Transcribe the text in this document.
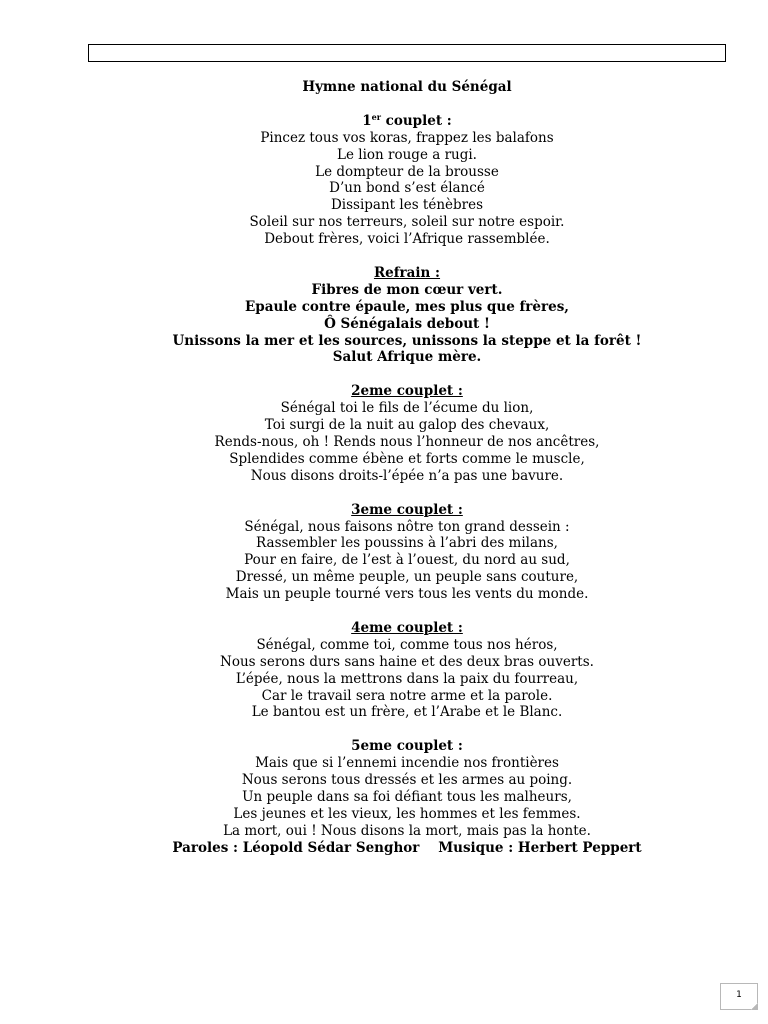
Hymne national du Sénégal
1er couplet :
Pincez tous vos koras, frappez les balafons
Le lion rouge a rugi.
Le dompteur de la brousse
D’un bond s’est élancé
Dissipant les ténèbres
Soleil sur nos terreurs, soleil sur notre espoir.
Debout frères, voici l’Afrique rassemblée.
Refrain :
Fibres de mon cœur vert.
Epaule contre épaule, mes plus que frères,
Ô Sénégalais debout !
Unissons la mer et les sources, unissons la steppe et la forêt !
Salut Afrique mère.
2eme couplet :
Sénégal toi le fils de l’écume du lion,
Toi surgi de la nuit au galop des chevaux,
Rends-nous, oh ! Rends nous l’honneur de nos ancêtres,
Splendides comme ébène et forts comme le muscle,
Nous disons droits-l’épée n’a pas une bavure.
3eme couplet :
Sénégal, nous faisons nôtre ton grand dessein :
Rassembler les poussins à l’abri des milans,
Pour en faire, de l’est à l’ouest, du nord au sud,
Dressé, un même peuple, un peuple sans couture,
Mais un peuple tourné vers tous les vents du monde.
4eme couplet :
Sénégal, comme toi, comme tous nos héros,
Nous serons durs sans haine et des deux bras ouverts.
L’épée, nous la mettrons dans la paix du fourreau,
Car le travail sera notre arme et la parole.
Le bantou est un frère, et l’Arabe et le Blanc.
5eme couplet :
Mais que si l’ennemi incendie nos frontières
Nous serons tous dressés et les armes au poing.
Un peuple dans sa foi défiant tous les malheurs,
Les jeunes et les vieux, les hommes et les femmes.
La mort, oui ! Nous disons la mort, mais pas la honte.
Paroles : Léopold Sédar Senghor Musique : Herbert Peppert
1
